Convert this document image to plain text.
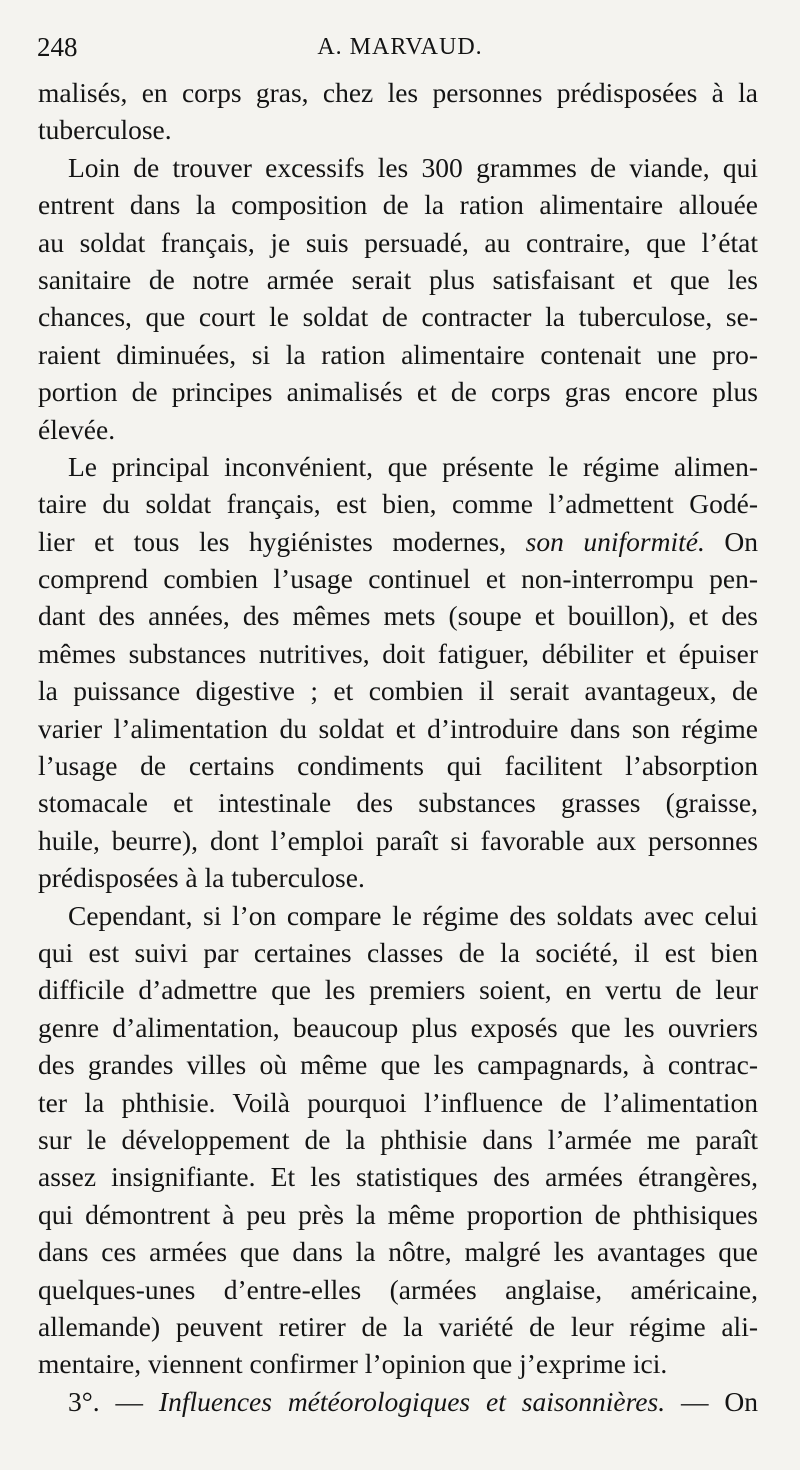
248	A. MARVAUD.
malisés, en corps gras, chez les personnes prédisposées à la
tuberculose.
Loin de trouver excessifs les 300 grammes de viande, qui
entrent dans la composition de la ration alimentaire allouée
au soldat français, je suis persuadé, au contraire, que l’état
sanitaire de notre armée serait plus satisfaisant et que les
chances, que court le soldat de contracter la tuberculose, se-
raient diminuées, si la ration alimentaire contenait une pro-
portion de principes animalisés et de corps gras encore plus
élevée.
Le principal inconvénient, que présente le régime alimen-
taire du soldat français, est bien, comme l’admettent Godé-
lier et tous les hygiénistes modernes, son uniformité. On
comprend combien l’usage continuel et non-interrompu pen-
dant des années, des mêmes mets (soupe et bouillon), et des
mêmes substances nutritives, doit fatiguer, débiliter et épuiser
la puissance digestive ; et combien il serait avantageux, de
varier l’alimentation du soldat et d’introduire dans son régime
l’usage de certains condiments qui facilitent l’absorption
stomacale et intestinale des substances grasses (graisse,
huile, beurre), dont l’emploi paraît si favorable aux personnes
prédisposées à la tuberculose.
Cependant, si l’on compare le régime des soldats avec celui
qui est suivi par certaines classes de la société, il est bien
difficile d’admettre que les premiers soient, en vertu de leur
genre d’alimentation, beaucoup plus exposés que les ouvriers
des grandes villes où même que les campagnards, à contrac-
ter la phthisie. Voilà pourquoi l’influence de l’alimentation
sur le développement de la phthisie dans l’armée me paraît
assez insignifiante. Et les statistiques des armées étrangères,
qui démontrent à peu près la même proportion de phthisiques
dans ces armées que dans la nôtre, malgré les avantages que
quelques-unes d’entre-elles (armées anglaise, américaine,
allemande) peuvent retirer de la variété de leur régime ali-
mentaire, viennent confirmer l’opinion que j’exprime ici.
3°. — Influences météorologiques et saisonnières. — On
